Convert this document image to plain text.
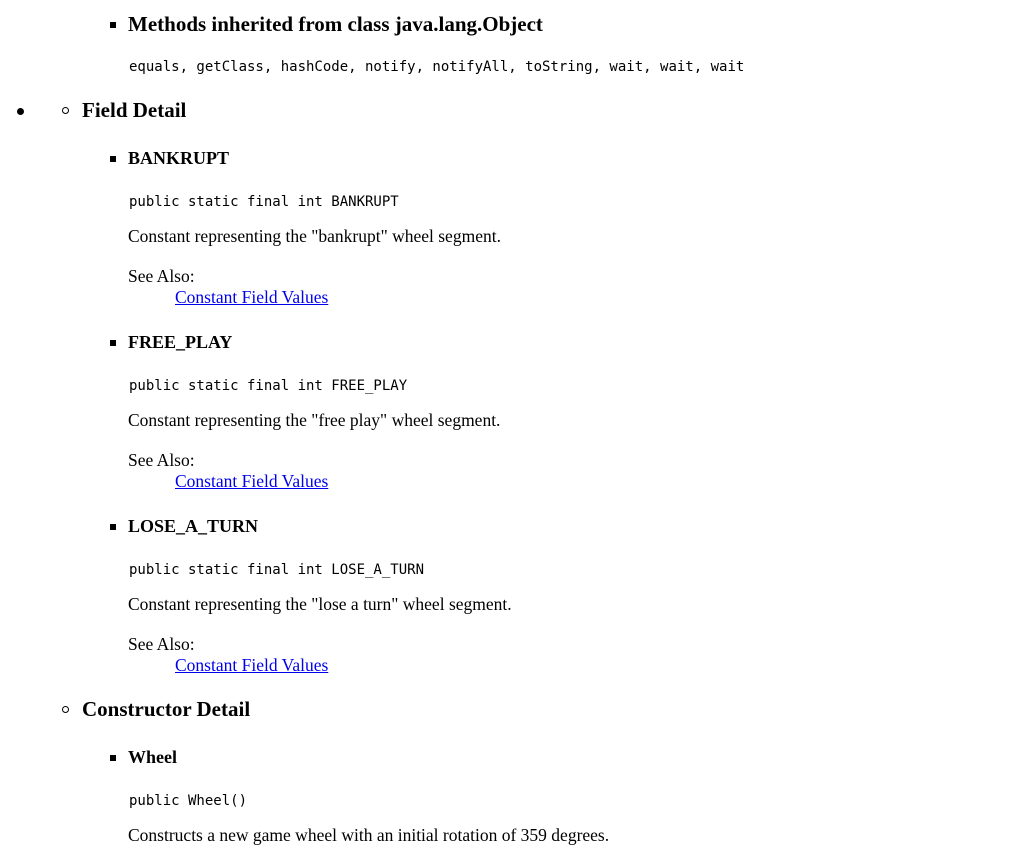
Methods inherited from class java.lang.Object
equals, getClass, hashCode, notify, notifyAll, toString, wait, wait, wait
Field Detail
BANKRUPT
public static final int BANKRUPT
Constant representing the "bankrupt" wheel segment.
See Also:
Constant Field Values
FREE_PLAY
public static final int FREE_PLAY
Constant representing the "free play" wheel segment.
See Also:
Constant Field Values
LOSE_A_TURN
public static final int LOSE_A_TURN
Constant representing the "lose a turn" wheel segment.
See Also:
Constant Field Values
Constructor Detail
Wheel
public Wheel()
Constructs a new game wheel with an initial rotation of 359 degrees.
